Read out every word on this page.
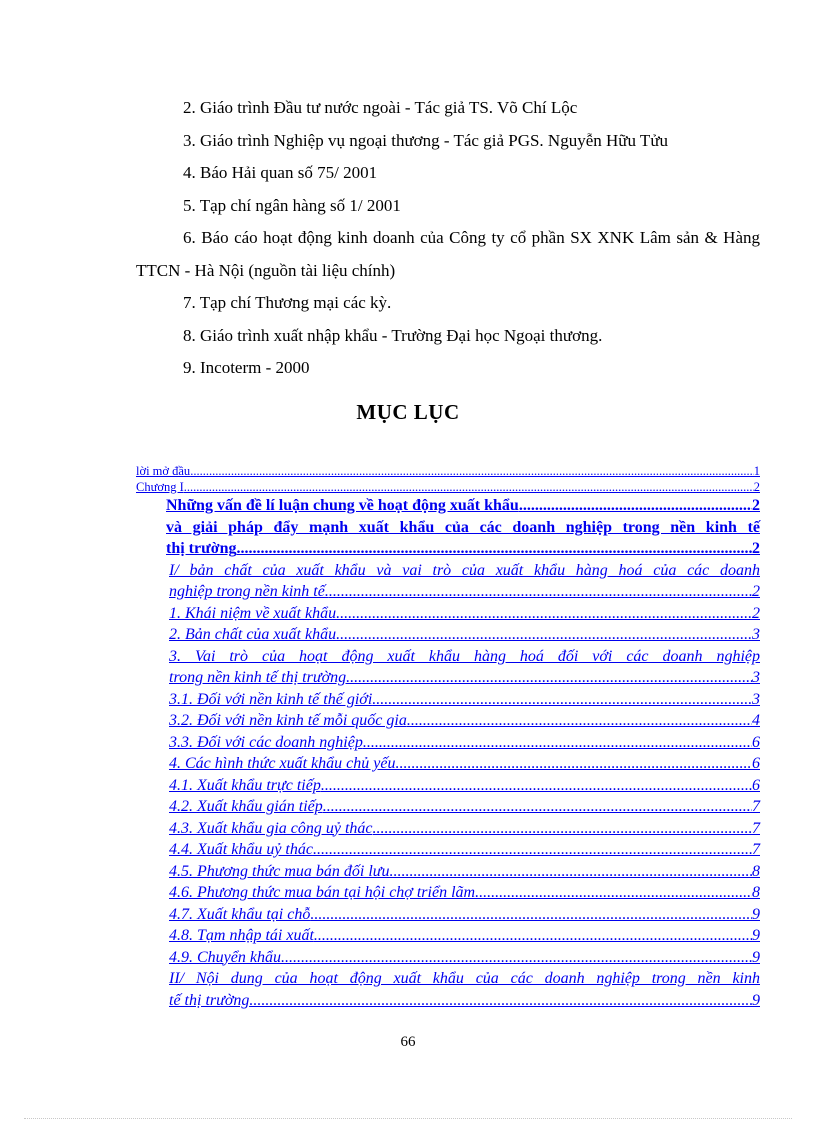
2. Giáo trình Đầu tư nước ngoài - Tác giả TS. Võ Chí Lộc
3. Giáo trình Nghiệp vụ ngoại thương - Tác giả PGS. Nguyễn Hữu Tửu
4. Báo Hải quan số 75/ 2001
5. Tạp chí ngân hàng số 1/ 2001
6. Báo cáo hoạt động kinh doanh của Công ty cổ phần SX XNK Lâm sản & Hàng TTCN - Hà Nội (nguồn tài liệu chính)
7. Tạp chí Thương mại các kỳ.
8. Giáo trình xuất nhập khẩu - Trường Đại học Ngoại thương.
9. Incoterm - 2000
MỤC LỤC
lời mở đầu .....	1
Chương I .....	2
Những vấn đề lí luận chung về hoạt động xuất khẩu .....	2
và giải pháp đẩy mạnh xuất khẩu của các doanh nghiệp trong nền kinh tế
thị trường .....	2
I/ bản chất của xuất khẩu và vai trò của xuất khẩu hàng hoá của các doanh
nghiệp trong nền kinh tế. .....	2
1. Khái niệm về xuất khẩu .....	2
2. Bản chất của xuất khẩu .....	3
3. Vai trò của hoạt động xuất khẩu hàng hoá đối với các doanh nghiệp
trong nền kinh tế thị trường .....	3
3.1. Đối với nền kinh tế thế giới .....	3
3.2. Đối với nền kinh tế mỗi quốc gia .....	4
3.3. Đối với các doanh nghiệp .....	6
4. Các hình thức xuất khẩu chủ yếu. .....	6
4.1. Xuất khẩu trực tiếp .....	6
4.2. Xuất khẩu gián tiếp .....	7
4.3. Xuất khẩu gia công uỷ thác .....	7
4.4. Xuất khẩu uỷ thác .....	7
4.5. Phương thức mua bán đối lưu .....	8
4.6. Phương thức mua bán tại hội chợ triển lãm .....	8
4.7. Xuất khẩu tại chỗ .....	9
4.8. Tạm nhập tái xuất .....	9
4.9. Chuyển khẩu .....	9
II/ Nội dung của hoạt động xuất khẩu của các doanh nghiệp trong nền kinh
tế thị trường .....	9
66
